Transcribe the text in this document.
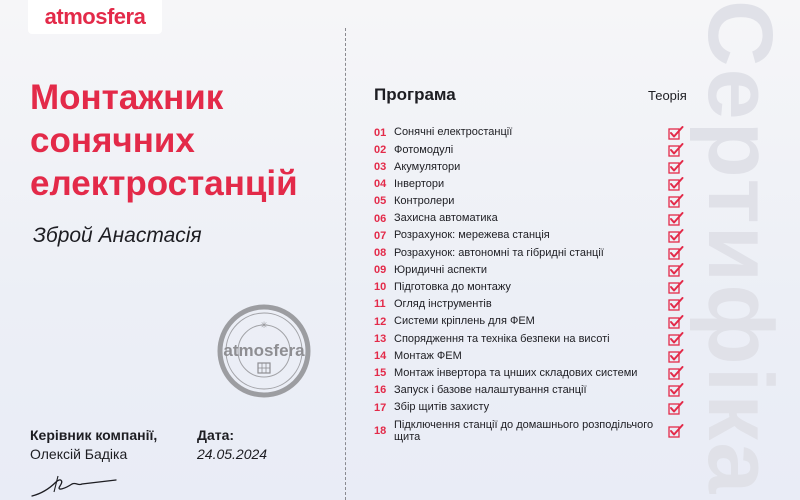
atmosfera
Монтажник
сонячних
електростанцій
Зброй Анастасія
✳
atmosfera
Керівник компанії,
Олексій Бадіка
Дата:
24.05.2024
Програма	Теорія
01 Сонячні електростанції
02 Фотомодулі
03 Акумулятори
04 Інвертори
05 Контролери
06 Захисна автоматика
07 Розрахунок: мережева станція
08 Розрахунок: автономні та гібридні станції
09 Юридичні аспекти
10 Підготовка до монтажу
11 Огляд інструментів
12 Системи кріплень для ФЕМ
13 Спорядження та техніка безпеки на висоті
14 Монтаж ФЕМ
15 Монтаж інвертора та цнших складових системи
16 Запуск і базове налаштування станції
17 Збір щитів захисту
18
Підключення станції до домашнього розподільчого щита	Сертифіка
